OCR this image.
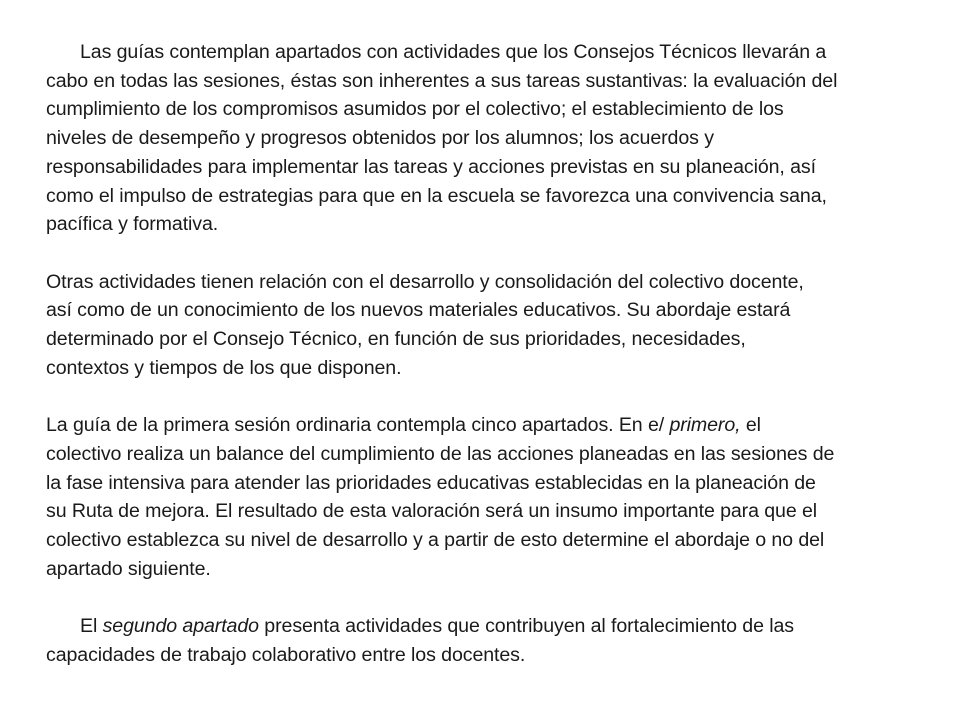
Las guías contemplan apartados con actividades que los Consejos Técnicos llevarán a
cabo en todas las sesiones, éstas son inherentes a sus tareas sustantivas: la evaluación del
cumplimiento de los compromisos asumidos por el colectivo; el establecimiento de los
niveles de desempeño y progresos obtenidos por los alumnos; los acuerdos y
responsabilidades para implementar las tareas y acciones previstas en su planeación, así
como el impulso de estrategias para que en la escuela se favorezca una convivencia sana,
pacífica y formativa.

Otras actividades tienen relación con el desarrollo y consolidación del colectivo docente,
así como de un conocimiento de los nuevos materiales educativos. Su abordaje estará
determinado por el Consejo Técnico, en función de sus prioridades, necesidades,
contextos y tiempos de los que disponen.

La guía de la primera sesión ordinaria contempla cinco apartados. En e/ primero, el
colectivo realiza un balance del cumplimiento de las acciones planeadas en las sesiones de
la fase intensiva para atender las prioridades educativas establecidas en la planeación de
su Ruta de mejora. El resultado de esta valoración será un insumo importante para que el
colectivo establezca su nivel de desarrollo y a partir de esto determine el abordaje o no del
apartado siguiente.

El segundo apartado presenta actividades que contribuyen al fortalecimiento de las
capacidades de trabajo colaborativo entre los docentes.
